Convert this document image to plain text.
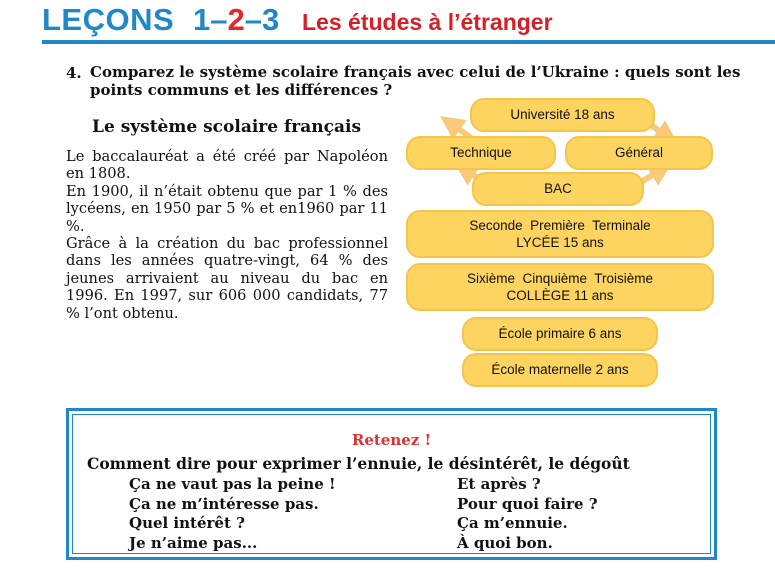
LEÇONS 1–2–3 Les études à l’étranger
4. Comparez le système scolaire français avec celui de l’Ukraine : quels sont les points communs et les différences ?
Le système scolaire français

Le baccalauréat a été créé par Napoléon en 1808.

En 1900, il n’était obtenu que par 1 % des lycéens, en 1950 par 5 % et en1960 par 11 %.

Grâce à la création du bac professionnel dans les années quatre-vingt, 64 % des jeunes arrivaient au niveau du bac en 1996. En 1997, sur 606 000 candidats, 77 % l’ont obtenu.

Université 18 ans
Technique	Général
BAC
Seconde  Première  Terminale
LYCÉE 15 ans
Sixième  Cinquième  Troisième
COLLÈGE 11 ans
École primaire 6 ans
École maternelle 2 ans
Retenez !
Comment dire pour exprimer l’ennuie, le désintérêt, le dégoût
Ça ne vaut pas la peine !
Ça ne m’intéresse pas.
Quel intérêt ?
Je n’aime pas...
Et après ?
Pour quoi faire ?
Ça m’ennuie.
À quoi bon.
